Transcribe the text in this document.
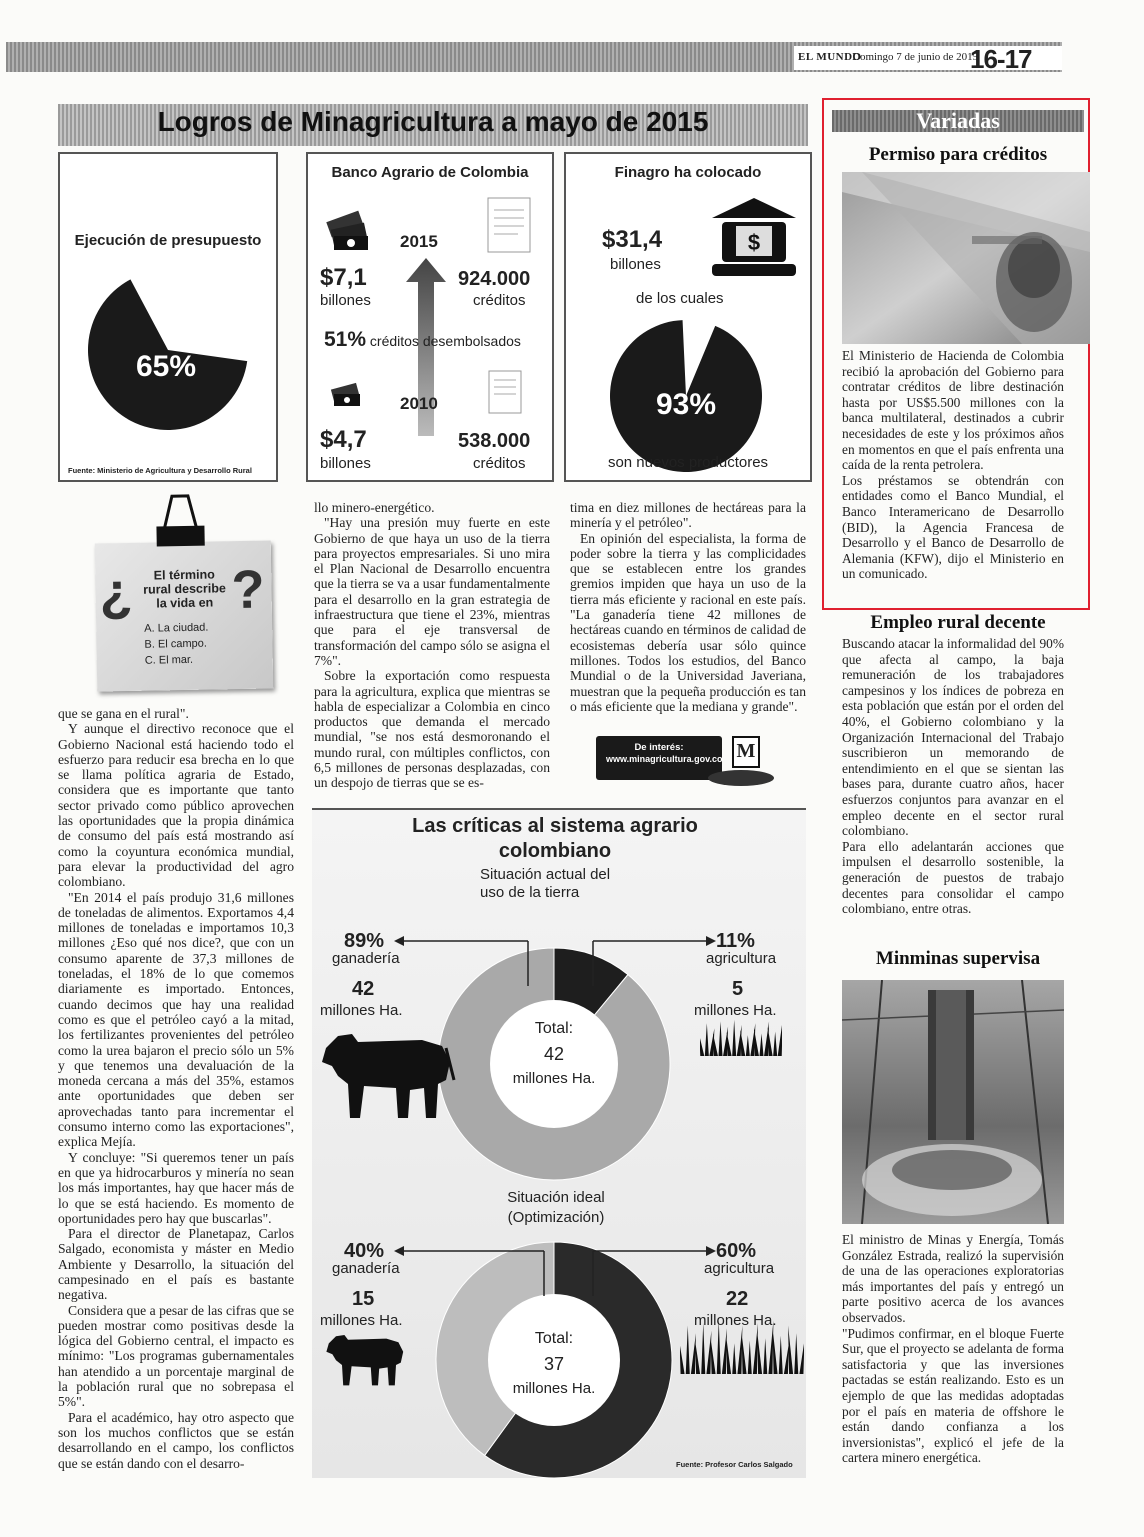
EL MUNDO
Domingo 7 de junio de 2015
16-17
Logros de Minagricultura a mayo de 2015
Ejecución de presupuesto
65%
Fuente: Ministerio de Agricultura y Desarrollo Rural
Banco Agrario de Colombia
2015
$7,1
billones
924.000
créditos
51% créditos desembolsados
2010
$4,7
billones
538.000
créditos
Finagro ha colocado
$31,4
billones
$
de los cuales
93%
son nuevos productores
¿ ?
El término rural describe la vida en
A. La ciudad.
B. El campo.
C. El mar.

que se gana en el rural".

Y aunque el directivo reconoce que el Gobierno Nacional está haciendo todo el esfuerzo para reducir esa brecha en lo que se llama política agraria de Estado, considera que es importante que tanto sector privado como público aprovechen las oportunidades que la propia dinámica de consumo del país está mostrando así como la coyuntura económica mundial, para elevar la productividad del agro colombiano.

"En 2014 el país produjo 31,6 millones de toneladas de alimentos. Exportamos 4,4 millones de toneladas e importamos 10,3 millones ¿Eso qué nos dice?, que con un consumo aparente de 37,3 millones de toneladas, el 18% de lo que comemos diariamente es importado. Entonces, cuando decimos que hay una realidad como es que el petróleo cayó a la mitad, los fertilizantes provenientes del petróleo como la urea bajaron el precio sólo un 5% y que tenemos una devaluación de la moneda cercana a más del 35%, estamos ante oportunidades que deben ser aprovechadas tanto para incrementar el consumo interno como las exportaciones", explica Mejía.

Y concluye: "Si queremos tener un país en que ya hidrocarburos y minería no sean los más importantes, hay que hacer más de lo que se está haciendo. Es momento de oportunidades pero hay que buscarlas".

Para el director de Planetapaz, Carlos Salgado, economista y máster en Medio Ambiente y Desarrollo, la situación del campesinado en el país es bastante negativa.

Considera que a pesar de las cifras que se pueden mostrar como positivas desde la lógica del Gobierno central, el impacto es mínimo: "Los programas gubernamentales han atendido a un porcentaje marginal de la población rural que no sobrepasa el 5%".

Para el académico, hay otro aspecto que son los muchos conflictos que se están desarrollando en el campo, los conflictos que se están dando con el desarro-

llo minero-energético.

"Hay una presión muy fuerte en este Gobierno de que haya un uso de la tierra para proyectos empresariales. Si uno mira el Plan Nacional de Desarrollo encuentra que la tierra se va a usar fundamentalmente para el desarrollo en la gran estrategia de infraestructura que tiene el 23%, mientras que para el eje transversal de transformación del campo sólo se asigna el 7%".

Sobre la exportación como respuesta para la agricultura, explica que mientras se habla de especializar a Colombia en cinco productos que demanda el mercado mundial, "se nos está desmoronando el mundo rural, con múltiples conflictos, con 6,5 millones de personas desplazadas, con un despojo de tierras que se es-

tima en diez millones de hectáreas para la minería y el petróleo".

En opinión del especialista, la forma de poder sobre la tierra y las complicidades que se establecen entre los grandes gremios impiden que haya un uso de la tierra más eficiente y racional en este país. "La ganadería tiene 42 millones de hectáreas cuando en términos de calidad de ecosistemas debería usar sólo quince millones. Todos los estudios, del Banco Mundial o de la Universidad Javeriana, muestran que la pequeña producción es tan o más eficiente que la mediana y grande".

De interés:
www.minagricultura.gov.co M
Las críticas al sistema agrario colombiano
Situación actual del uso de la tierra
Total:
42
millones Ha.
89%
ganadería
42
millones Ha.
11%
agricultura
5
millones Ha.
Situación ideal (Optimización)
Total:
37
millones Ha.
40%
ganadería
15
millones Ha.
60%
agricultura
22
millones Ha.
Fuente: Profesor Carlos Salgado
Variadas
Permiso para créditos

El Ministerio de Hacienda de Colombia recibió la aprobación del Gobierno para contratar créditos de libre destinación hasta por US$5.500 millones con la banca multilateral, destinados a cubrir necesidades de este y los próximos años en momentos en que el país enfrenta una caída de la renta petrolera.

Los préstamos se obtendrán con entidades como el Banco Mundial, el Banco Interamericano de Desarrollo (BID), la Agencia Francesa de Desarrollo y el Banco de Desarrollo de Alemania (KFW), dijo el Ministerio en un comunicado.

Empleo rural decente

Buscando atacar la informalidad del 90% que afecta al campo, la baja remuneración de los trabajadores campesinos y los índices de pobreza en esta población que están por el orden del 40%, el Gobierno colombiano y la Organización Internacional del Trabajo suscribieron un memorando de entendimiento en el que se sientan las bases para, durante cuatro años, hacer esfuerzos conjuntos para avanzar en el empleo decente en el sector rural colombiano.

Para ello adelantarán acciones que impulsen el desarrollo sostenible, la generación de puestos de trabajo decentes para consolidar el campo colombiano, entre otras.

Minminas supervisa

El ministro de Minas y Energía, Tomás González Estrada, realizó la supervisión de una de las operaciones exploratorias más importantes del país y entregó un parte positivo acerca de los avances observados.

"Pudimos confirmar, en el bloque Fuerte Sur, que el proyecto se adelanta de forma satisfactoria y que las inversiones pactadas se están realizando. Esto es un ejemplo de que las medidas adoptadas por el país en materia de offshore le están dando confianza a los inversionistas", explicó el jefe de la cartera minero energética.
